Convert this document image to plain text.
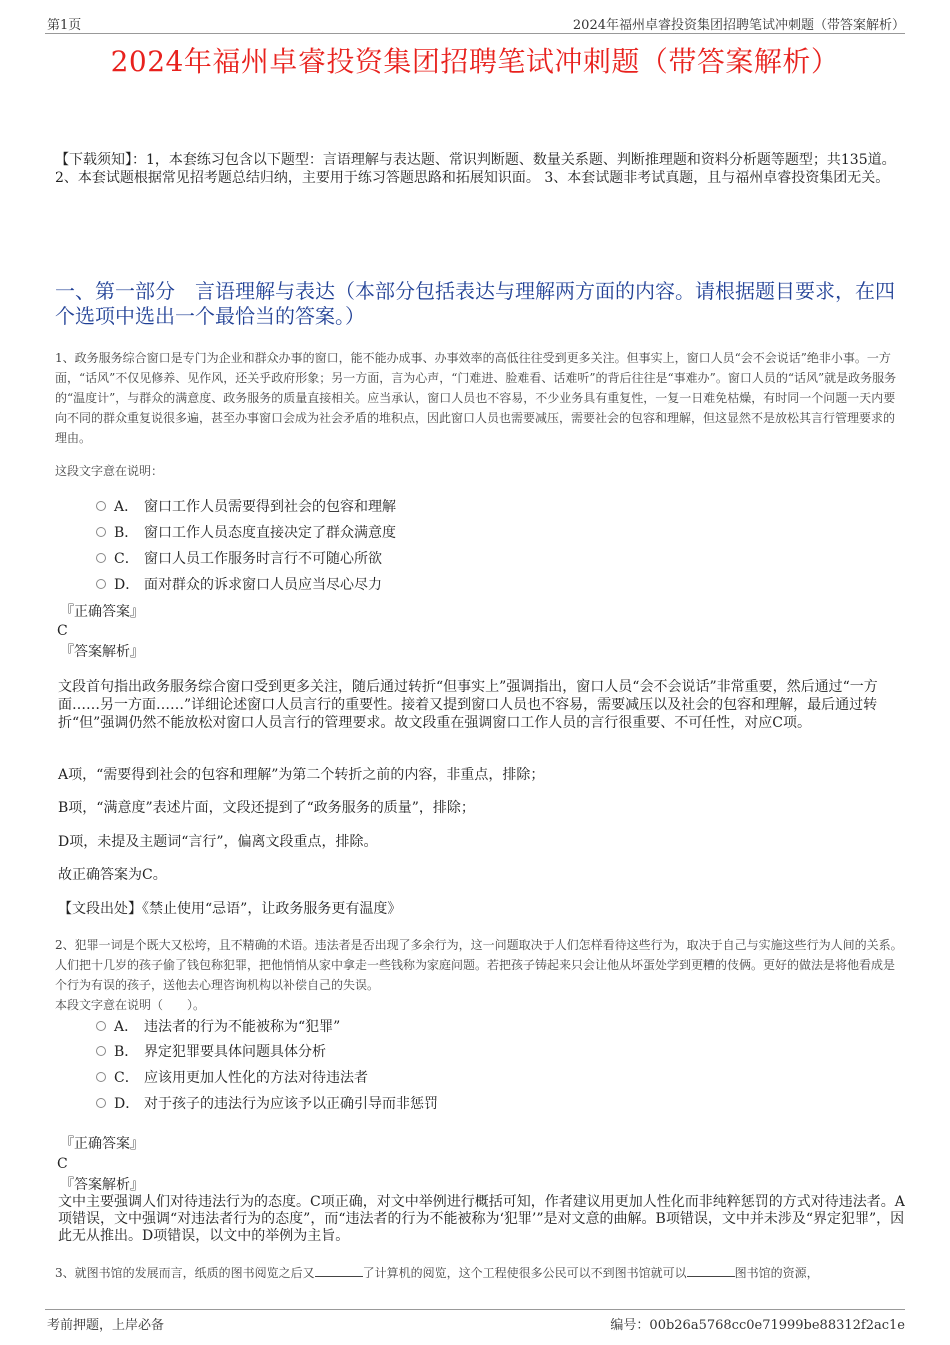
第1页	2024年福州卓睿投资集团招聘笔试冲刺题（带答案解析）
2024年福州卓睿投资集团招聘笔试冲刺题（带答案解析）
【下载须知】：1，本套练习包含以下题型：言语理解与表达题、常识判断题、数量关系题、判断推理题和资料分析题等题型；共135道。 2、本套试题根据常见招考题总结归纳，主要用于练习答题思路和拓展知识面。 3、本套试题非考试真题，且与福州卓睿投资集团无关。
一、第一部分　言语理解与表达（本部分包括表达与理解两方面的内容。请根据题目要求，在四个选项中选出一个最恰当的答案。）
1、政务服务综合窗口是专门为企业和群众办事的窗口，能不能办成事、办事效率的高低往往受到更多关注。但事实上，窗口人员“会不会说话”绝非小事。一方面，“话风”不仅见修养、见作风，还关乎政府形象；另一方面，言为心声，“门难进、脸难看、话难听”的背后往往是“事难办”。窗口人员的“话风”就是政务服务的“温度计”，与群众的满意度、政务服务的质量直接相关。应当承认，窗口人员也不容易，不少业务具有重复性，一复一日难免枯燥，有时同一个问题一天内要向不同的群众重复说很多遍，甚至办事窗口会成为社会矛盾的堆积点，因此窗口人员也需要减压，需要社会的包容和理解，但这显然不是放松其言行管理要求的理由。
这段文字意在说明：
A． 窗口工作人员需要得到社会的包容和理解
B． 窗口工作人员态度直接决定了群众满意度
C． 窗口人员工作服务时言行不可随心所欲
D． 面对群众的诉求窗口人员应当尽心尽力
『正确答案』
C
『答案解析』
文段首句指出政务服务综合窗口受到更多关注，随后通过转折“但事实上”强调指出，窗口人员“会不会说话”非常重要，然后通过“一方面……另一方面……”详细论述窗口人员言行的重要性。接着又提到窗口人员也不容易，需要减压以及社会的包容和理解，最后通过转折“但”强调仍然不能放松对窗口人员言行的管理要求。故文段重在强调窗口工作人员的言行很重要、不可任性，对应C项。
A项，“需要得到社会的包容和理解”为第二个转折之前的内容，非重点，排除；
B项，“满意度”表述片面，文段还提到了“政务服务的质量”，排除；
D项，未提及主题词“言行”，偏离文段重点，排除。
故正确答案为C。
【文段出处】《禁止使用“忌语”，让政务服务更有温度》
2、犯罪一词是个既大又松垮，且不精确的术语。违法者是否出现了多余行为，这一问题取决于人们怎样看待这些行为，取决于自己与实施这些行为人间的关系。人们把十几岁的孩子偷了钱包称犯罪，把他悄悄从家中拿走一些钱称为家庭问题。若把孩子铸起来只会让他从坏蛋处学到更糟的伎俩。更好的做法是将他看成是个行为有误的孩子，送他去心理咨询机构以补偿自己的失误。
本段文字意在说明（　　）。
A． 违法者的行为不能被称为“犯罪”
B． 界定犯罪要具体问题具体分析
C． 应该用更加人性化的方法对待违法者
D． 对于孩子的违法行为应该予以正确引导而非惩罚
『正确答案』
C
『答案解析』
文中主要强调人们对待违法行为的态度。C项正确，对文中举例进行概括可知，作者建议用更加人性化而非纯粹惩罚的方式对待违法者。A项错误，文中强调“对违法者行为的态度”，而“违法者的行为不能被称为‘犯罪’”是对文意的曲解。B项错误，文中并未涉及“界定犯罪”，因此无从推出。D项错误，以文中的举例为主旨。
3、就图书馆的发展而言，纸质的图书阅览之后又	了计算机的阅览，这个工程使很多公民可以不到图书馆就可以	图书馆的资源，
考前押题，上岸必备	编号：00b26a5768cc0e71999be88312f2ac1e
